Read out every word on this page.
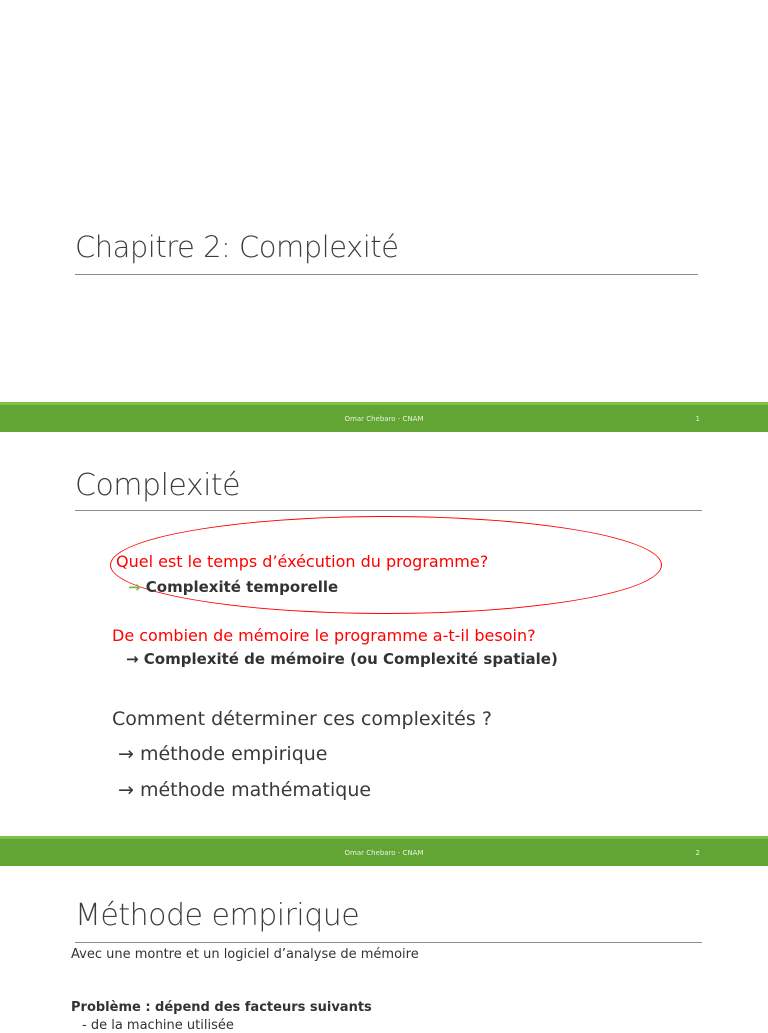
Chapitre 2: Complexité
Omar Chebaro - CNAM	1
Complexité
Quel est le temps d’éxécution du programme?
→ Complexité temporelle
De combien de mémoire le programme a-t-il besoin?
→ Complexité de mémoire (ou Complexité spatiale)
Comment déterminer ces complexités ?
→ méthode empirique
→ méthode mathématique
Omar Chebaro - CNAM	2
Méthode empirique
Avec une montre et un logiciel d’analyse de mémoire
Problème : dépend des facteurs suivants
- de la machine utilisée
